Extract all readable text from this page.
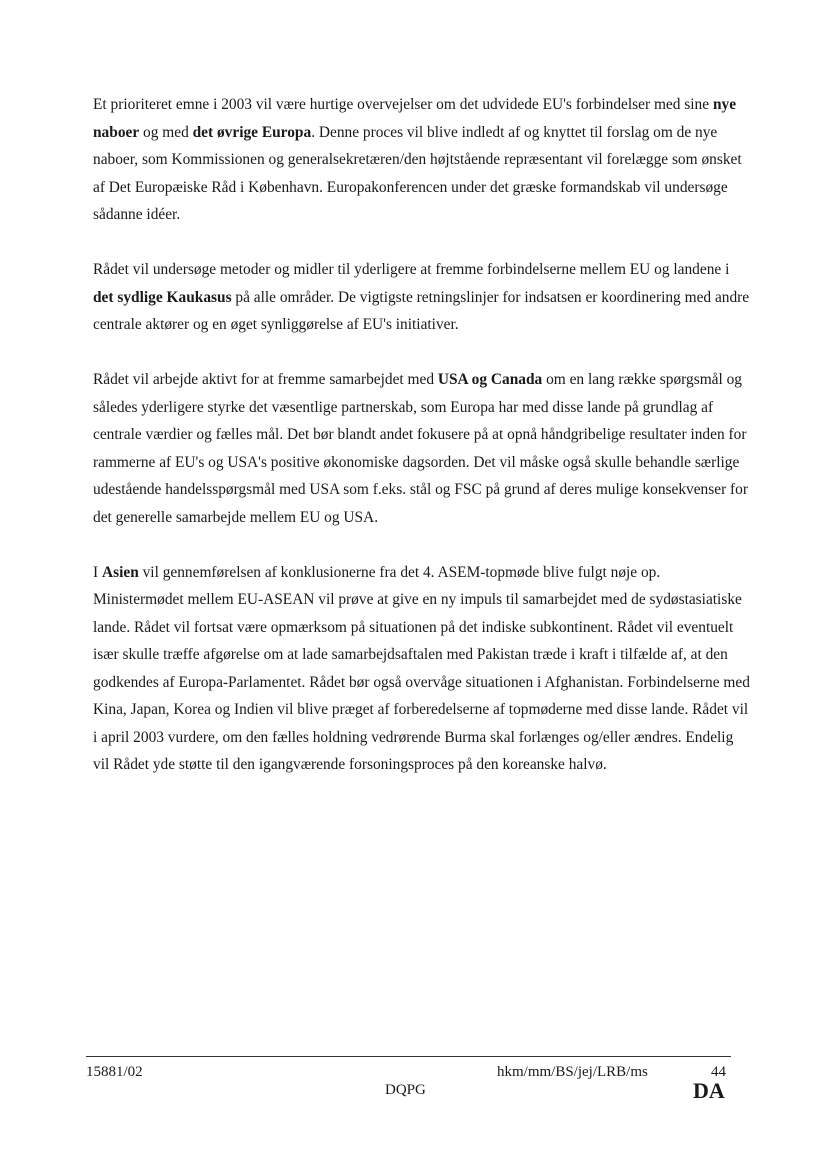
Et prioriteret emne i 2003 vil være hurtige overvejelser om det udvidede EU's forbindelser med sine nye naboer og med det øvrige Europa. Denne proces vil blive indledt af og knyttet til forslag om de nye naboer, som Kommissionen og generalsekretæren/den højtstående repræsentant vil forelægge som ønsket af Det Europæiske Råd i København. Europakonferencen under det græske formandskab vil undersøge sådanne idéer.

Rådet vil undersøge metoder og midler til yderligere at fremme forbindelserne mellem EU og landene i det sydlige Kaukasus på alle områder. De vigtigste retningslinjer for indsatsen er koordinering med andre centrale aktører og en øget synliggørelse af EU's initiativer.

Rådet vil arbejde aktivt for at fremme samarbejdet med USA og Canada om en lang række spørgsmål og således yderligere styrke det væsentlige partnerskab, som Europa har med disse lande på grundlag af centrale værdier og fælles mål. Det bør blandt andet fokusere på at opnå håndgribelige resultater inden for rammerne af EU's og USA's positive økonomiske dagsorden. Det vil måske også skulle behandle særlige udestående handelsspørgsmål med USA som f.eks. stål og FSC på grund af deres mulige konsekvenser for det generelle samarbejde mellem EU og USA.

I Asien vil gennemførelsen af konklusionerne fra det 4. ASEM-topmøde blive fulgt nøje op. Ministermødet mellem EU-ASEAN vil prøve at give en ny impuls til samarbejdet med de sydøstasiatiske lande. Rådet vil fortsat være opmærksom på situationen på det indiske subkontinent. Rådet vil eventuelt især skulle træffe afgørelse om at lade samarbejdsaftalen med Pakistan træde i kraft i tilfælde af, at den godkendes af Europa-Parlamentet. Rådet bør også overvåge situationen i Afghanistan. Forbindelserne med Kina, Japan, Korea og Indien vil blive præget af forberedelserne af topmøderne med disse lande. Rådet vil i april 2003 vurdere, om den fælles holdning vedrørende Burma skal forlænges og/eller ændres. Endelig vil Rådet yde støtte til den igangværende forsoningsproces på den koreanske halvø.

15881/02
DQPG
hkm/mm/BS/jej/LRB/ms	44
DA
